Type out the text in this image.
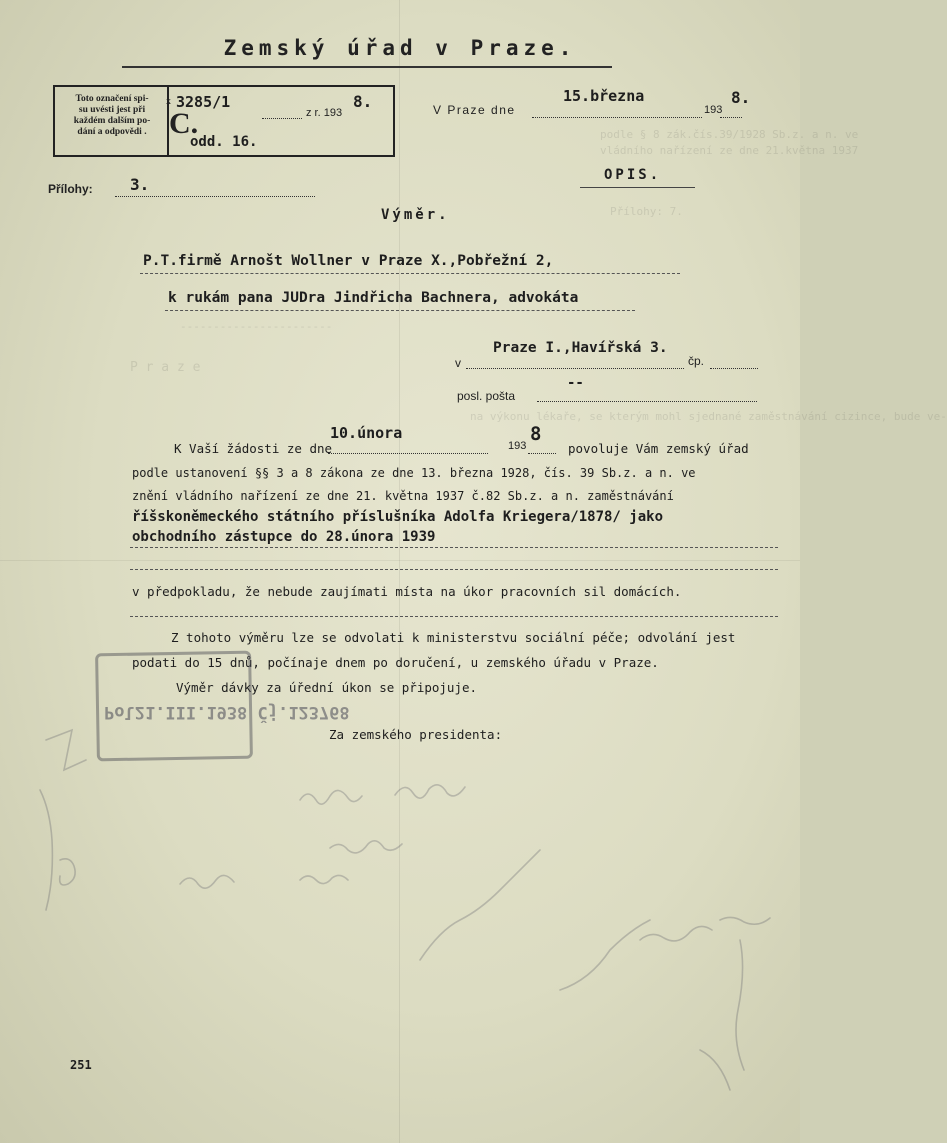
podle § 8 zák.čís.39/1928 Sb.z. a n. ve
vládního nařízení ze dne 21.května 1937
Přílohy: 7.
na výkonu lékaře, se kterým mohl sjednané zaměstnávání cizince, bude ve-
P r a z e
-----------------------
Zemský úřad v Praze.
Toto označení spi-
su uvésti jest při
každém dalším po-
dání a odpovědi .
x 3285/1
C.	z r. 193
8.
odd. 16.
V Praze dne
15.března
193
8.
Přílohy: 3.	OPIS.
Výměr.
P.T.firmě Arnošt Wollner v Praze X.,Pobřežní 2,
k rukám pana JUDra Jindřicha Bachnera, advokáta
v
Praze I.,Havířská 3.
čp.
posl. pošta
--
K Vaší žádosti ze dne
10.února
193
8
povoluje Vám zemský úřad
podle ustanovení §§ 3 a 8 zákona ze dne 13. března 1928, čís. 39 Sb.z. a n. ve
znění vládního nařízení ze dne 21. května 1937 č.82 Sb.z. a n. zaměstnávání
říšskoněmeckého státního příslušníka Adolfa Kriegera/1878/ jako
obchodního zástupce do 28.února 1939
v předpokladu, že nebude zaujímati místa na úkor pracovních sil domácích.
Z tohoto výměru lze se odvolati k ministerstvu sociální péče; odvolání jest
podati do 15 dnů, počínaje dnem po doručení, u zemského úřadu v Praze.
Výměr dávky za úřední úkon se připojuje.
Za zemského presidenta:
Pol21.III.1938 Čj.123768
251
